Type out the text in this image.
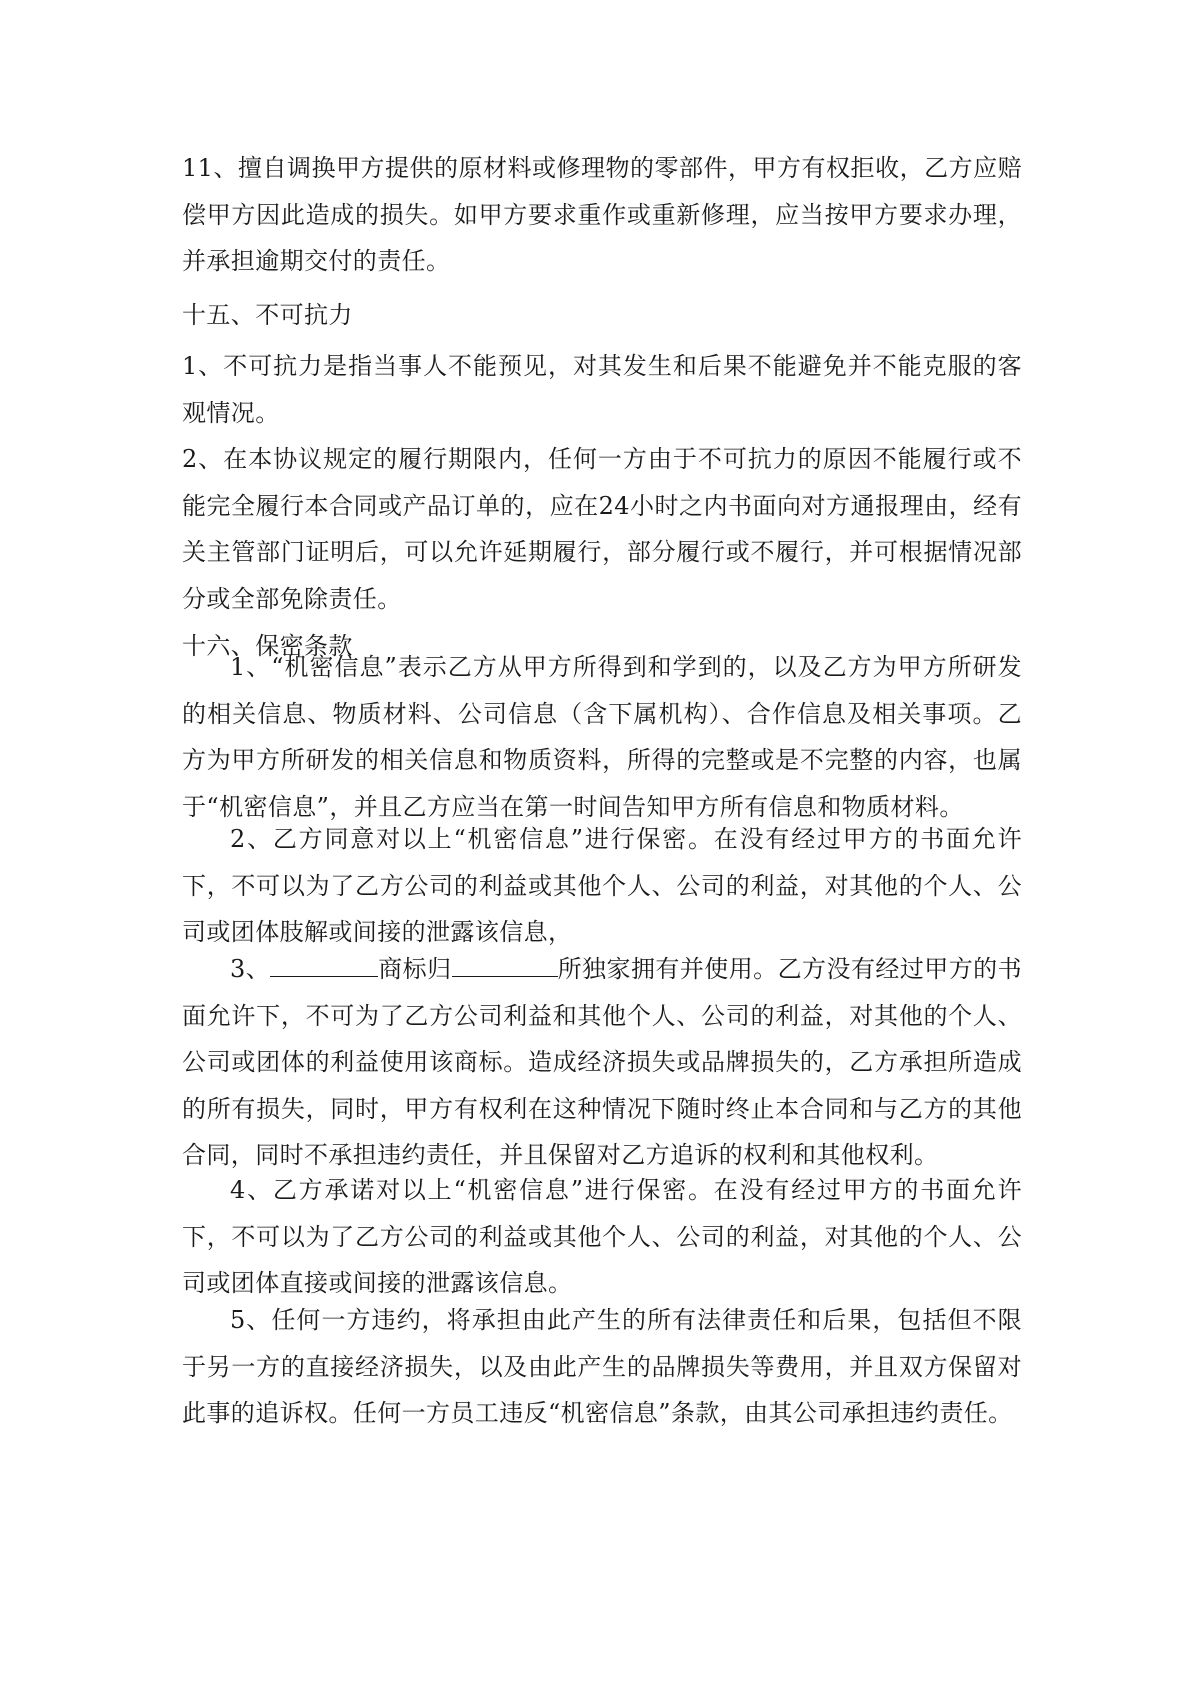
11、擅自调换甲方提供的原材料或修理物的零部件，甲方有权拒收，乙方应赔偿甲方因此造成的损失。如甲方要求重作或重新修理，应当按甲方要求办理，并承担逾期交付的责任。

十五、不可抗力

1、不可抗力是指当事人不能预见，对其发生和后果不能避免并不能克服的客观情况。

2、在本协议规定的履行期限内，任何一方由于不可抗力的原因不能履行或不能完全履行本合同或产品订单的，应在24小时之内书面向对方通报理由，经有关主管部门证明后，可以允许延期履行，部分履行或不履行，并可根据情况部分或全部免除责任。

十六、保密条款

1、“机密信息”表示乙方从甲方所得到和学到的，以及乙方为甲方所研发的相关信息、物质材料、公司信息（含下属机构）、合作信息及相关事项。乙方为甲方所研发的相关信息和物质资料，所得的完整或是不完整的内容，也属于“机密信息”，并且乙方应当在第一时间告知甲方所有信息和物质材料。

2、乙方同意对以上“机密信息”进行保密。在没有经过甲方的书面允许下，不可以为了乙方公司的利益或其他个人、公司的利益，对其他的个人、公司或团体肢解或间接的泄露该信息，

3、	商标归	所独家拥有并使用。乙方没有经过甲方的书面允许下，不可为了乙方公司利益和其他个人、公司的利益，对其他的个人、公司或团体的利益使用该商标。造成经济损失或品牌损失的，乙方承担所造成的所有损失，同时，甲方有权利在这种情况下随时终止本合同和与乙方的其他合同，同时不承担违约责任，并且保留对乙方追诉的权利和其他权利。

4、乙方承诺对以上“机密信息”进行保密。在没有经过甲方的书面允许下，不可以为了乙方公司的利益或其他个人、公司的利益，对其他的个人、公司或团体直接或间接的泄露该信息。

5、任何一方违约，将承担由此产生的所有法律责任和后果，包括但不限于另一方的直接经济损失，以及由此产生的品牌损失等费用，并且双方保留对此事的追诉权。任何一方员工违反“机密信息”条款，由其公司承担违约责任。
